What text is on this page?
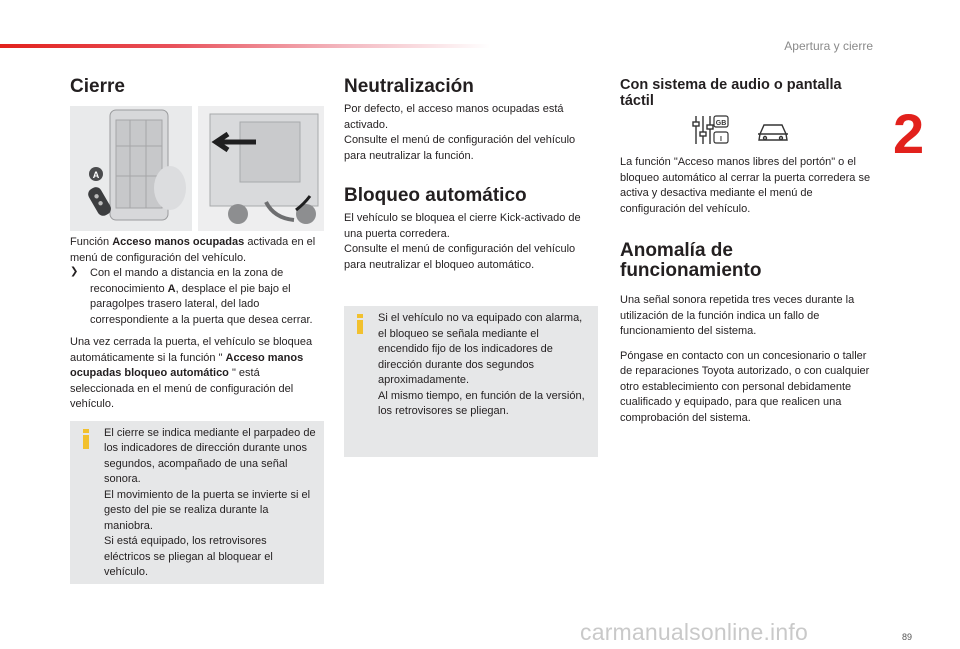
Apertura y cierre
2
Cierre
A

Función Acceso manos ocupadas activada en el menú de configuración del vehículo.

❯	Con el mando a distancia en la zona de reconocimiento A, desplace el pie bajo el paragolpes trasero lateral, del lado correspondiente a la puerta que desea cerrar.

Una vez cerrada la puerta, el vehículo se bloquea automáticamente si la función " Acceso manos ocupadas bloqueo automático " está seleccionada en el menú de configuración del vehículo.

El cierre se indica mediante el parpadeo de los indicadores de dirección durante unos segundos, acompañado de una señal sonora.

El movimiento de la puerta se invierte si el gesto del pie se realiza durante la maniobra.

Si está equipado, los retrovisores eléctricos se pliegan al bloquear el vehículo.

Neutralización

Por defecto, el acceso manos ocupadas está activado.

Consulte el menú de configuración del vehículo para neutralizar la función.

Bloqueo automático

El vehículo se bloquea el cierre Kick-activado de una puerta corredera.

Consulte el menú de configuración del vehículo para neutralizar el bloqueo automático.

Si el vehículo no va equipado con alarma, el bloqueo se señala mediante el encendido fijo de los indicadores de dirección durante dos segundos aproximadamente.

Al mismo tiempo, en función de la versión, los retrovisores se pliegan.

Con sistema de audio o pantalla táctil
GB
I

La función "Acceso manos libres del portón" o el bloqueo automático al cerrar la puerta corredera se activa y desactiva mediante el menú de configuración del vehículo.

Anomalía de funcionamiento

Una señal sonora repetida tres veces durante la utilización de la función indica un fallo de funcionamiento del sistema.

Póngase en contacto con un concesionario o taller de reparaciones Toyota autorizado, o con cualquier otro establecimiento con personal debidamente cualificado y equipado, para que realicen una comprobación del sistema.

89
carmanualsonline.info
